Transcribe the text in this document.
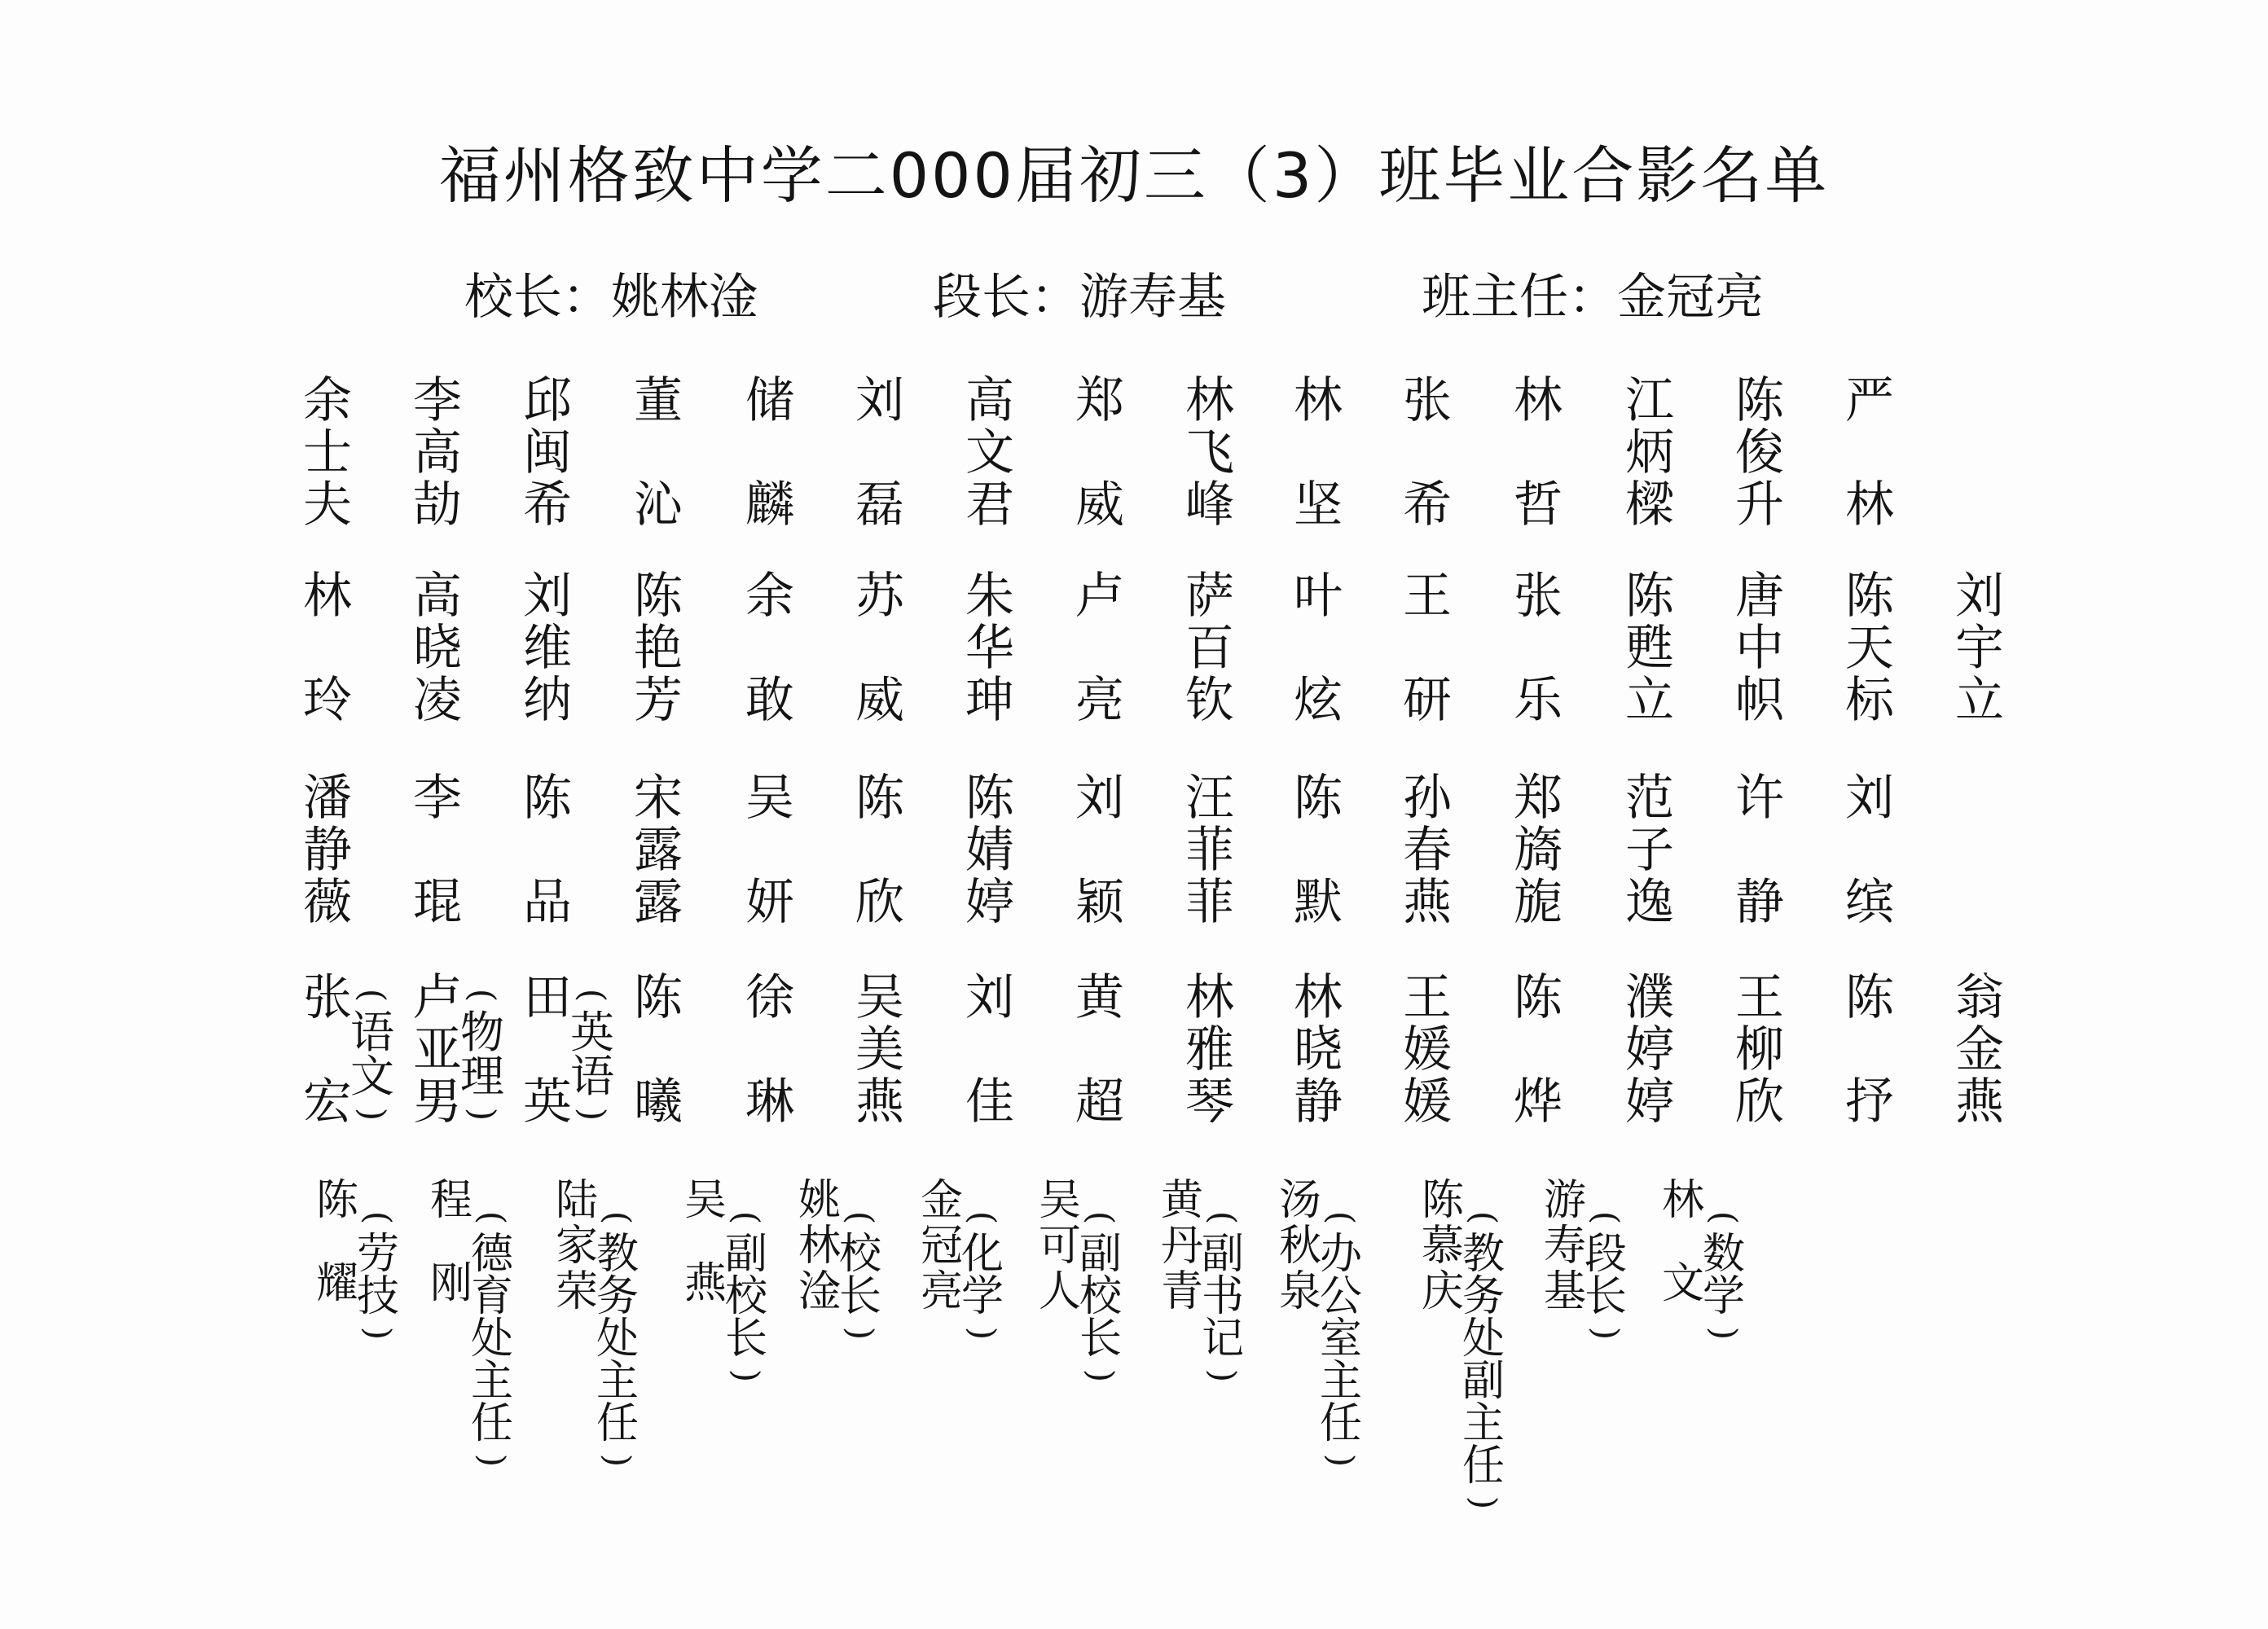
福州格致中学二000届初三（3）班毕业合影名单
校长：姚林淦	段长：游寿基	班主任：金冠亮
余
士
夫
李
高
劼
邱
闽
希
董
沁
储
麟
刘
磊
高
文
君
郑
威
林
飞
峰
林
坚
张
希
林
哲
江
炳
樑
陈
俊
升
严
林
林
玲
高
晓
凌
刘
维
纳
陈
艳
芳
余
敢
苏
威
朱
华
珅
卢
亮
萨
百
钦
叶
炫
王
研
张
乐
陈
甦
立
唐
中
帜
陈
天
标
刘
宇
立
潘
静
薇
李
琨
陈
品
宋
露
露
吴
妍
陈
欣
陈
婧
婷
刘
颖
汪
菲
菲
陈
默
孙
春
燕
郑
旖
旎
范
子
逸
许
静
刘
缤
张
宏
(
语
文
)
卢
亚
男
(
物
理
)
田
英
(
英
语
)
陈
曦
徐
琳
吴
美
燕
刘
佳
黄
超
林
雅
琴
林
晓
静
王
媛
媛
陈
烨
濮
婷
婷
王
柳
欣
陈
抒
翁
金
燕
陈
耀
(
劳
技
)
程
刚
(
德
育
处
主
任
)
陆
家
荣
(
教
务
处
主
任
)
吴
燕
(
副
校
长
)
姚
林
淦
(
校
长
)
金
冠
亮
(
化
学
)
吴
可
人
(
副
校
长
)
黄
丹
青
(
副
书
记
)
汤
秋
泉
(
办
公
室
主
任
)
陈
慕
庆
(
教
务
处
副
主
任
)
游
寿
基
(
段
长
)
林
文
(
数
学
)
